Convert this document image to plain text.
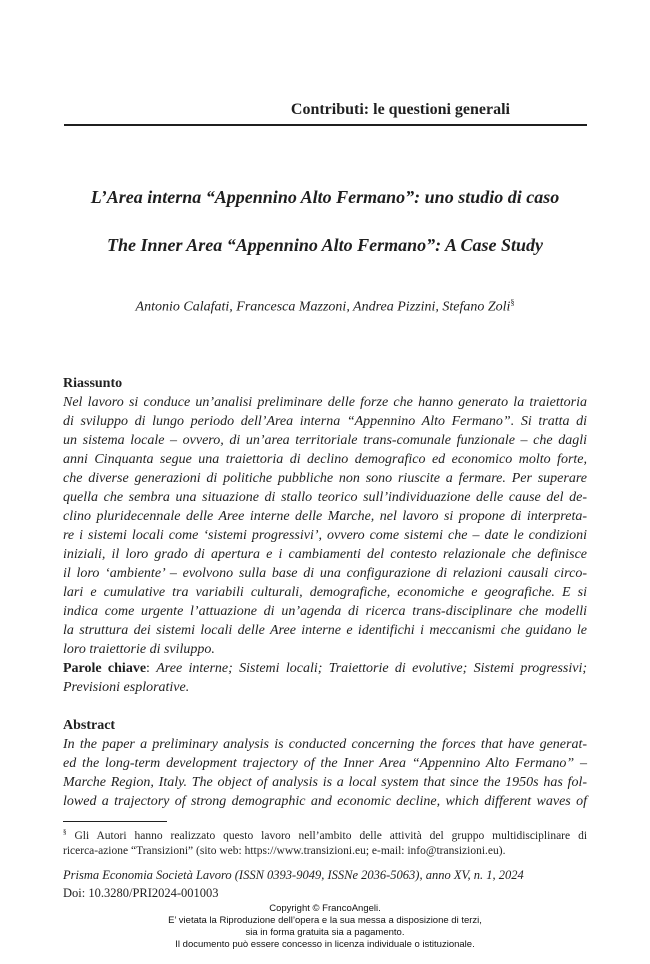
Contributi: le questioni generali
L’Area interna “Appennino Alto Fermano”: uno studio di caso
The Inner Area “Appennino Alto Fermano”: A Case Study
Antonio Calafati, Francesca Mazzoni, Andrea Pizzini, Stefano Zoli§
Riassunto
Nel lavoro si conduce un’analisi preliminare delle forze che hanno generato la traiettoria
di sviluppo di lungo periodo dell’Area interna “Appennino Alto Fermano”. Si tratta di
un sistema locale – ovvero, di un’area territoriale trans-comunale funzionale – che dagli
anni Cinquanta segue una traiettoria di declino demografico ed economico molto forte,
che diverse generazioni di politiche pubbliche non sono riuscite a fermare. Per superare
quella che sembra una situazione di stallo teorico sull’individuazione delle cause del de-
clino pluridecennale delle Aree interne delle Marche, nel lavoro si propone di interpreta-
re i sistemi locali come ‘sistemi progressivi’, ovvero come sistemi che – date le condizioni
iniziali, il loro grado di apertura e i cambiamenti del contesto relazionale che definisce
il loro ‘ambiente’ – evolvono sulla base di una configurazione di relazioni causali circo-
lari e cumulative tra variabili culturali, demografiche, economiche e geografiche. E si
indica come urgente l’attuazione di un’agenda di ricerca trans-disciplinare che modelli
la struttura dei sistemi locali delle Aree interne e identifichi i meccanismi che guidano le
loro traiettorie di sviluppo.
Parole chiave: Aree interne; Sistemi locali; Traiettorie di evolutive; Sistemi progressivi;
Previsioni esplorative.
Abstract
In the paper a preliminary analysis is conducted concerning the forces that have generat-
ed the long-term development trajectory of the Inner Area “Appennino Alto Fermano” –
Marche Region, Italy. The object of analysis is a local system that since the 1950s has fol-
lowed a trajectory of strong demographic and economic decline, which different waves of
§ Gli Autori hanno realizzato questo lavoro nell’ambito delle attività del gruppo multidisciplinare di
ricerca-azione “Transizioni” (sito web: https://www.transizioni.eu; e-mail: info@transizioni.eu).
Prisma Economia Società Lavoro (ISSN 0393-9049, ISSNe 2036-5063), anno XV, n. 1, 2024
Doi: 10.3280/PRI2024-001003
Copyright © FrancoAngeli.
E’ vietata la Riproduzione dell’opera e la sua messa a disposizione di terzi,
sia in forma gratuita sia a pagamento.
Il documento può essere concesso in licenza individuale o istituzionale.
